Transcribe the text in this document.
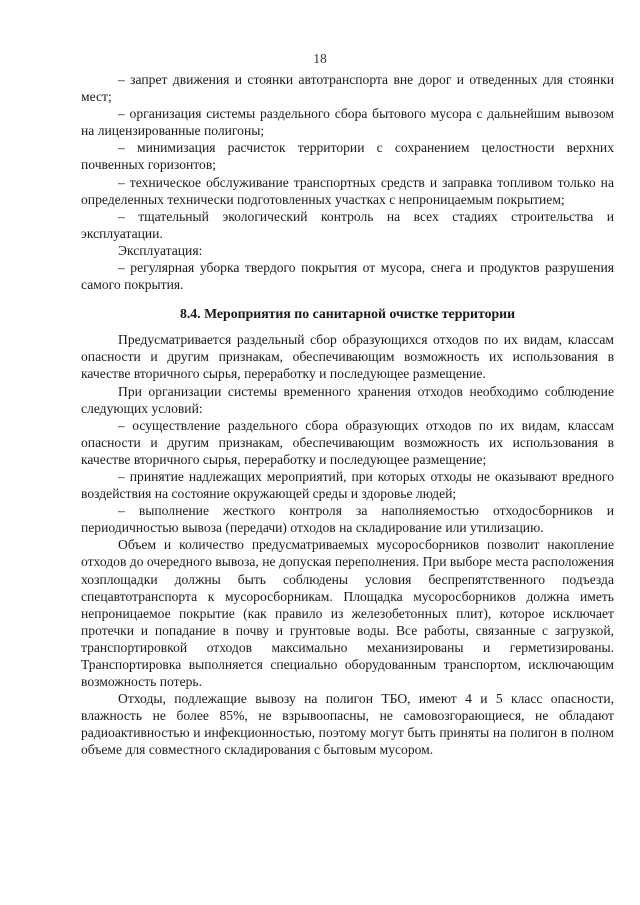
18

– запрет движения и стоянки автотранспорта вне дорог и отведенных для стоянки мест;

– организация системы раздельного сбора бытового мусора с дальнейшим вывозом на лицензированные полигоны;

– минимизация расчисток территории с сохранением целостности верхних почвенных горизонтов;

– техническое обслуживание транспортных средств и заправка топливом только на определенных технически подготовленных участках с непроницаемым покрытием;

– тщательный экологический контроль на всех стадиях строительства и эксплуатации.

Эксплуатация:

– регулярная уборка твердого покрытия от мусора, снега и продуктов разрушения самого покрытия.

8.4. Мероприятия по санитарной очистке территории

Предусматривается раздельный сбор образующихся отходов по их видам, классам опасности и другим признакам, обеспечивающим возможность их использования в качестве вторичного сырья, переработку и последующее размещение.

При организации системы временного хранения отходов необходимо соблюдение следующих условий:

– осуществление раздельного сбора образующих отходов по их видам, классам опасности и другим признакам, обеспечивающим возможность их использования в качестве вторичного сырья, переработку и последующее размещение;

– принятие надлежащих мероприятий, при которых отходы не оказывают вредного воздействия на состояние окружающей среды и здоровье людей;

– выполнение жесткого контроля за наполняемостью отходосборников и периодичностью вывоза (передачи) отходов на складирование или утилизацию.

Объем и количество предусматриваемых мусоросборников позволит накопление отходов до очередного вывоза, не допуская переполнения. При выборе места расположения хозплощадки должны быть соблюдены условия беспрепятственного подъезда спецавтотранспорта к мусоросборникам. Площадка мусоросборников должна иметь непроницаемое покрытие (как правило из железобетонных плит), которое исключает протечки и попадание в почву и грунтовые воды. Все работы, связанные с загрузкой, транспортировкой отходов максимально механизированы и герметизированы. Транспортировка выполняется специально оборудованным транспортом, исключающим возможность потерь.

Отходы, подлежащие вывозу на полигон ТБО, имеют 4 и 5 класс опасности, влажность не более 85%, не взрывоопасны, не самовозгорающиеся, не обладают радиоактивностью и инфекционностью, поэтому могут быть приняты на полигон в полном объеме для совместного складирования с бытовым мусором.
